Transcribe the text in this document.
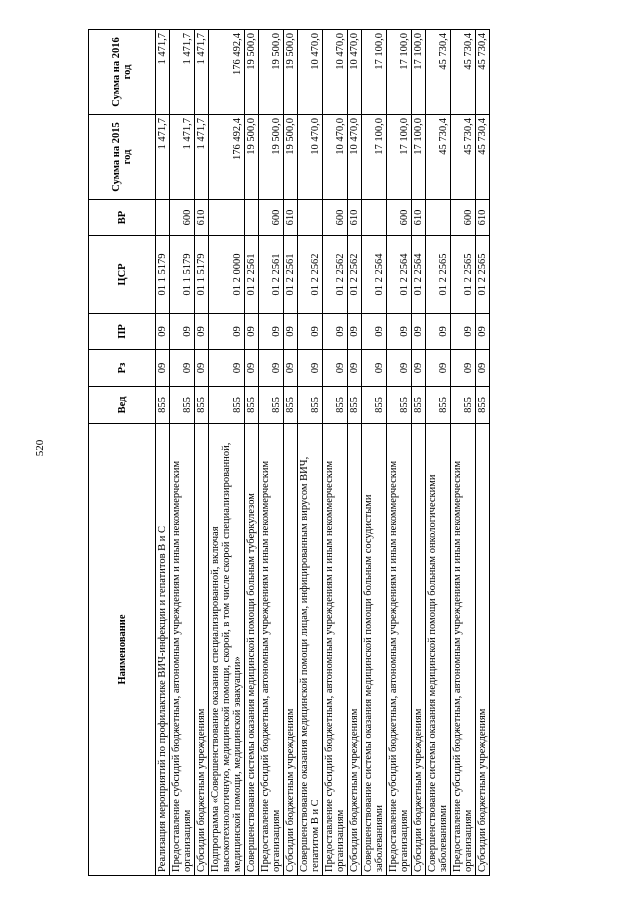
520
Наименование	Вед	Рз	ПР	ЦСР	ВР	Сумма на 2015 год	Сумма на 2016 год
Реализация мероприятий по профилактике ВИЧ-инфекции и гепатитов В и С	855	09	09	01 1 5179		1 471,7	1 471,7
Предоставление субсидий бюджетным, автономным учреждениям и иным некоммерческим организациям	855	09	09	01 1 5179	600	1 471,7	1 471,7
Субсидии бюджетным учреждениям	855	09	09	01 1 5179	610	1 471,7	1 471,7
Подпрограмма «Совершенствование оказания специализированной, включая высокотехнологичную, медицинской помощи, скорой, в том числе скорой специализированной, медицинской помощи, медицинской эвакуации»	855	09	09	01 2 0000		176 492,4	176 492,4
Совершенствование системы оказания медицинской помощи больным туберкулезом	855	09	09	01 2 2561		19 500,0	19 500,0
Предоставление субсидий бюджетным, автономным учреждениям и иным некоммерческим организациям	855	09	09	01 2 2561	600	19 500,0	19 500,0
Субсидии бюджетным учреждениям	855	09	09	01 2 2561	610	19 500,0	19 500,0
Совершенствование оказания медицинской помощи лицам, инфицированным вирусом ВИЧ, гепатитом В и С	855	09	09	01 2 2562		10 470,0	10 470,0
Предоставление субсидий бюджетным, автономным учреждениям и иным некоммерческим организациям	855	09	09	01 2 2562	600	10 470,0	10 470,0
Субсидии бюджетным учреждениям	855	09	09	01 2 2562	610	10 470,0	10 470,0
Совершенствование системы оказания медицинской помощи больным сосудистыми заболеваниями	855	09	09	01 2 2564		17 100,0	17 100,0
Предоставление субсидий бюджетным, автономным учреждениям и иным некоммерческим организациям	855	09	09	01 2 2564	600	17 100,0	17 100,0
Субсидии бюджетным учреждениям	855	09	09	01 2 2564	610	17 100,0	17 100,0
Совершенствование системы оказания медицинской помощи больным онкологическими заболеваниями	855	09	09	01 2 2565		45 730,4	45 730,4
Предоставление субсидий бюджетным, автономным учреждениям и иным некоммерческим организациям	855	09	09	01 2 2565	600	45 730,4	45 730,4
Субсидии бюджетным учреждениям	855	09	09	01 2 2565	610	45 730,4	45 730,4
